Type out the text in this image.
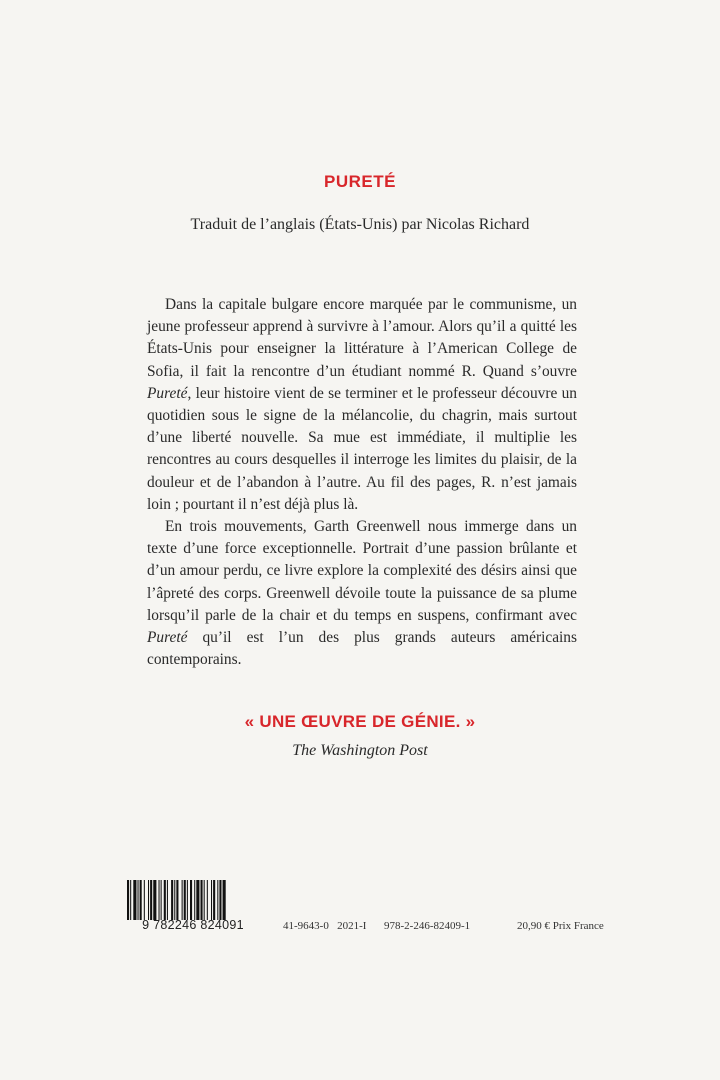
PURETÉ
Traduit de l’anglais (États-Unis) par Nicolas Richard

Dans la capitale bulgare encore marquée par le communisme, un jeune professeur apprend à survivre à l’amour. Alors qu’il a quitté les États-Unis pour enseigner la littérature à l’American College de Sofia, il fait la rencontre d’un étudiant nommé R. Quand s’ouvre Pureté, leur histoire vient de se terminer et le professeur découvre un quotidien sous le signe de la mélancolie, du chagrin, mais surtout d’une liberté nouvelle. Sa mue est immédiate, il multiplie les rencontres au cours desquelles il interroge les limites du plaisir, de la douleur et de l’abandon à l’autre. Au fil des pages, R. n’est jamais loin ; pourtant il n’est déjà plus là.

En trois mouvements, Garth Greenwell nous immerge dans un texte d’une force exceptionnelle. Portrait d’une passion brûlante et d’un amour perdu, ce livre explore la complexité des désirs ainsi que l’âpreté des corps. Greenwell dévoile toute la puissance de sa plume lorsqu’il parle de la chair et du temps en suspens, confirmant avec Pureté qu’il est l’un des plus grands auteurs américains contemporains.

« UNE ŒUVRE DE GÉNIE. »
The Washington Post
9 782246 824091	41-9643-0 2021-I 978-2-246-82409-1	20,90 € Prix France
